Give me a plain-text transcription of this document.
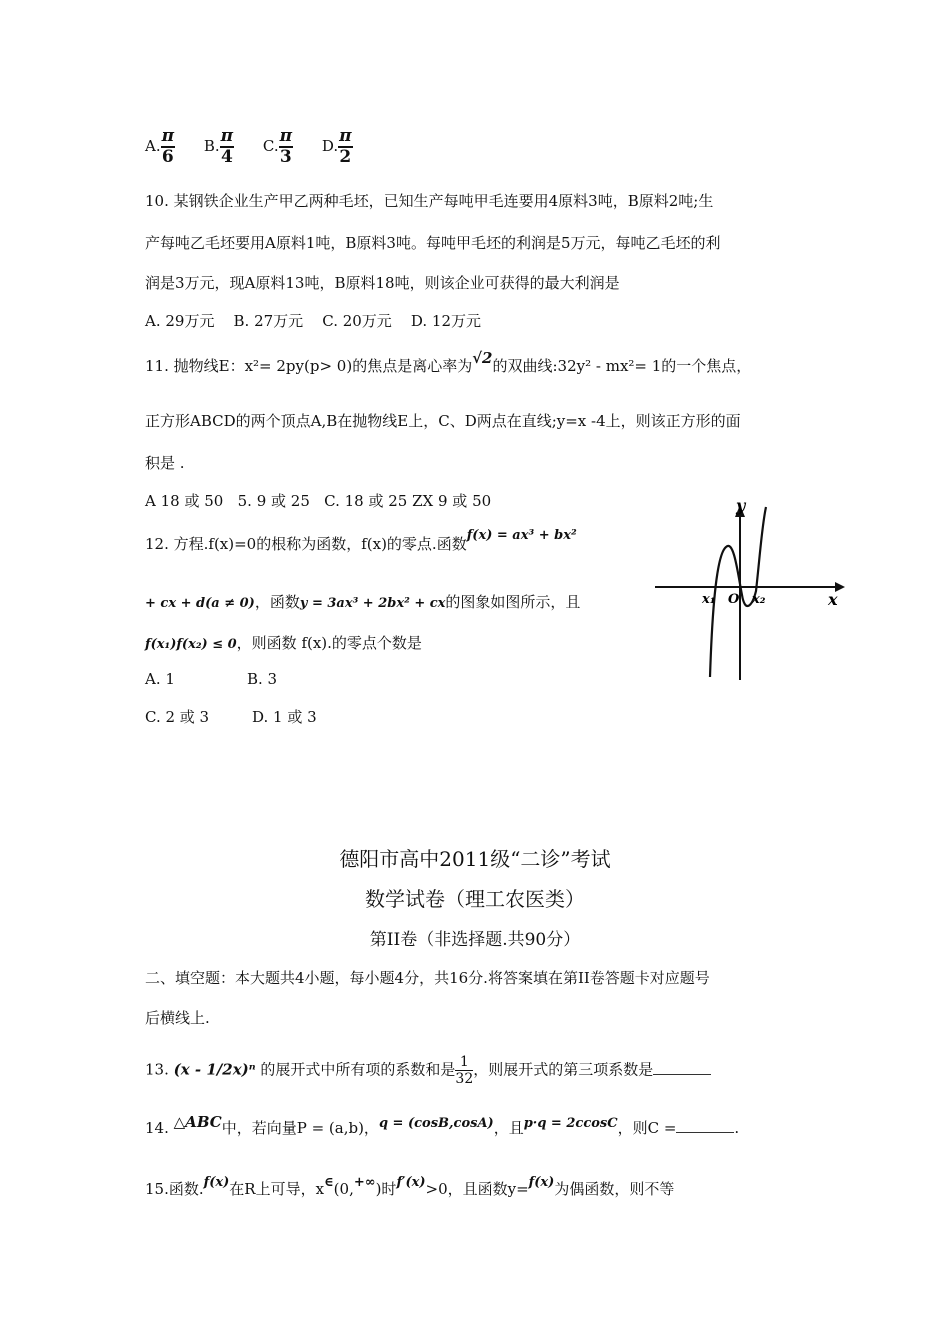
A. $\frac{\pi}{6} B$. $\frac{\pi}{4} C$. $\frac{\pi}{3} D$. $\frac{\pi}{2}$
10. 某钢铁企业生产甲乙两种毛坯，已知生产每吨甲毛连要用4原料3吨，B原料2吨;生
产每吨乙毛坯要用A原料1吨，B原料3吨。每吨甲毛坯的利润是5万元，每吨乙毛坯的利
润是3万元，现A原料13吨，B原料18吨，则该企业可获得的最大利润是
A. 29万元    B. 27万元    C. 20万元    D. 12万元
11. 抛物线E：x²= 2py(p> 0)的焦点是离心率为√2的双曲线:32y² - mx²= 1的一个焦点，
正方形ABCD的两个顶点A,B在抛物线E上，C、D两点在直线;y=x -4上，则该正方形的面
积是 .
A 18 或 50   5. 9 或 25   C. 18 或 25 ZX 9 或 50
12. 方程.f(x)=0的根称为函数，f(x)的零点.函数f(x) = ax³ + bx²
+ cx + d(a ≠ 0)，函数y = 3ax³ + 2bx² + cx的图象如图所示，且
f(x₁)f(x₂) ≤ 0，则函数 f(x).的零点个数是
A. 1	B. 3
C. 2 或 3	D. 1 或 3
y
x
x₁ O x₂
德阳市高中2011级“二诊”考试
数学试卷（理工农医类）
第II卷（非选择题.共90分）
二、填空题：本大题共4小题，每小题4分，共16分.将答案填在第II卷答题卡对应题号
后横线上.
13. (x - 1/2x)ⁿ 的展开式中所有项的系数和是 $\frac{1}{32}$ ，则展开式的第三项系数是
14. △ABC中，若向量P = (a,b)，q = (cosB,cosA)，且p·q = 2ccosC，则C =	.
15.函数.f(x)在R上可导，x∈(0,+∞)时f′(x)>0，且函数y=f(x)为偶函数，则不等
